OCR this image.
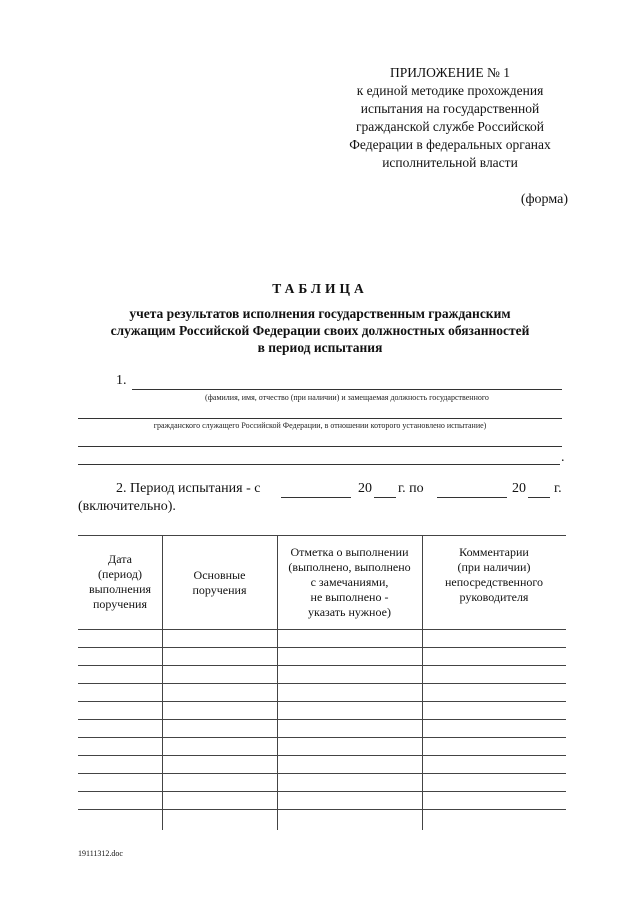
ПРИЛОЖЕНИЕ № 1
к единой методике прохождения
испытания на государственной
гражданской службе Российской
Федерации в федеральных органах
исполнительной власти
(форма)
ТАБЛИЦА
учета результатов исполнения государственным гражданским
служащим Российской Федерации своих должностных обязанностей
в период испытания
1.
(фамилия, имя, отчество (при наличии) и замещаемая должность государственного
гражданского служащего Российской Федерации, в отношении которого установлено испытание)
.
2. Период испытания - с	20 г. по	20 г.
(включительно).
Дата
(период)
выполнения
поручения
Основные
поручения
Отметка о выполнении
(выполнено, выполнено
с замечаниями,
не выполнено -
указать нужное)
Комментарии
(при наличии)
непосредственного
руководителя
19111312.doc
